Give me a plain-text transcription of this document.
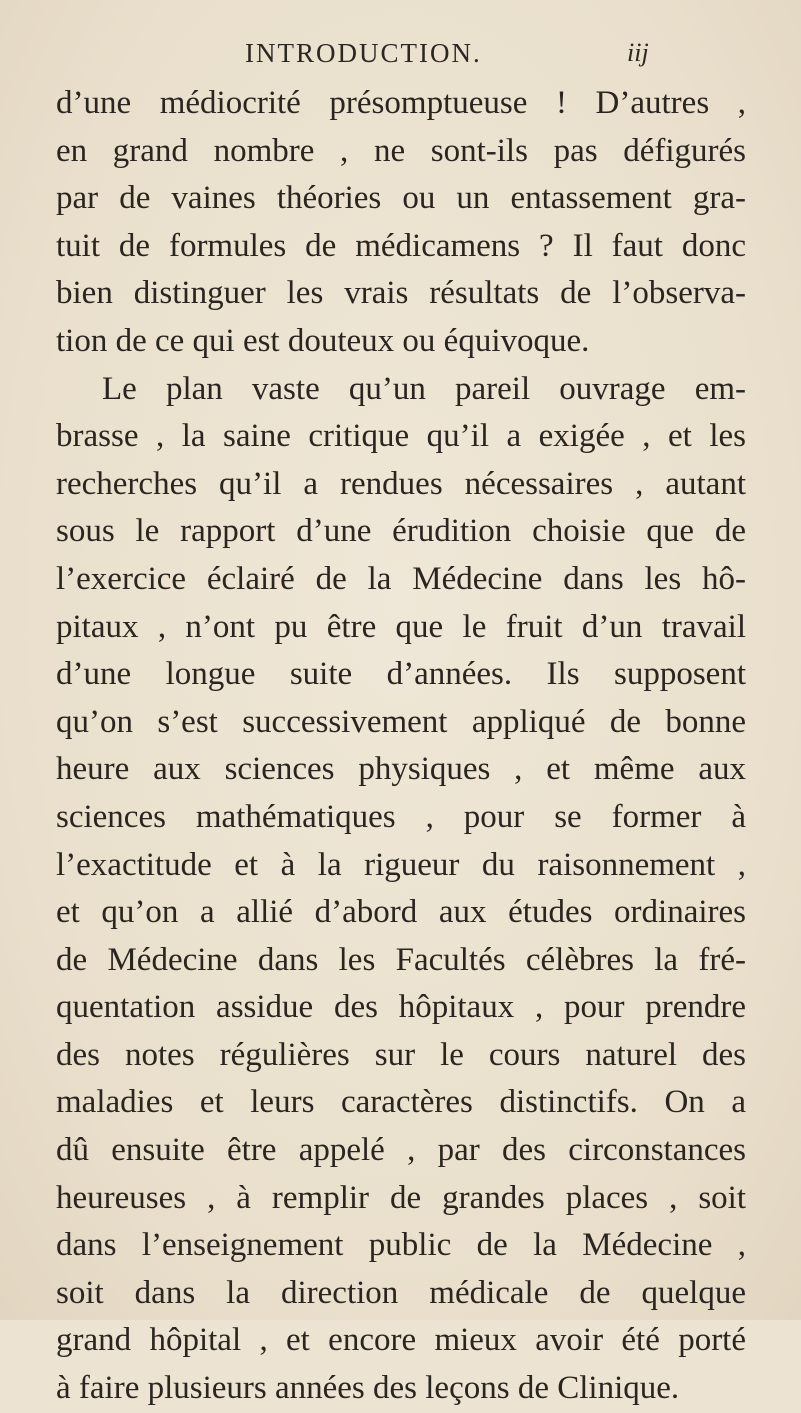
INTRODUCTION.	iij
d’une médiocrité présomptueuse ! D’autres ,
en grand nombre , ne sont-ils pas défigurés
par de vaines théories ou un entassement gra-
tuit de formules de médicamens ? Il faut donc
bien distinguer les vrais résultats de l’observa-
tion de ce qui est douteux ou équivoque.
Le plan vaste qu’un pareil ouvrage em-
brasse , la saine critique qu’il a exigée , et les
recherches qu’il a rendues nécessaires , autant
sous le rapport d’une érudition choisie que de
l’exercice éclairé de la Médecine dans les hô-
pitaux , n’ont pu être que le fruit d’un travail
d’une longue suite d’années. Ils supposent
qu’on s’est successivement appliqué de bonne
heure aux sciences physiques , et même aux
sciences mathématiques , pour se former à
l’exactitude et à la rigueur du raisonnement ,
et qu’on a allié d’abord aux études ordinaires
de Médecine dans les Facultés célèbres la fré-
quentation assidue des hôpitaux , pour prendre
des notes régulières sur le cours naturel des
maladies et leurs caractères distinctifs. On a
dû ensuite être appelé , par des circonstances
heureuses , à remplir de grandes places , soit
dans l’enseignement public de la Médecine ,
soit dans la direction médicale de quelque
grand hôpital , et encore mieux avoir été porté
à faire plusieurs années des leçons de Clinique.
